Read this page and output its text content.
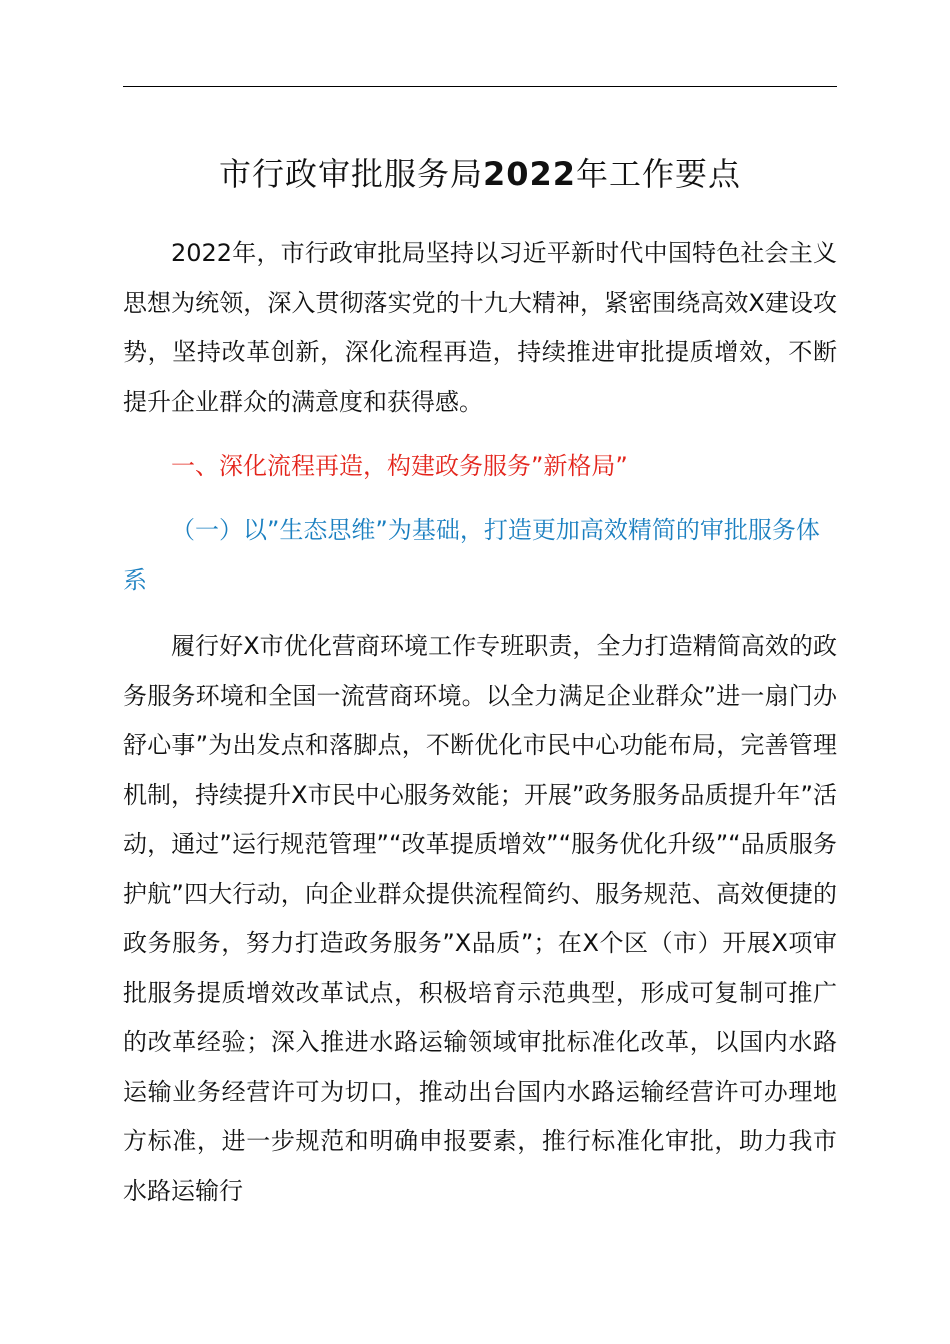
市行政审批服务局2022年工作要点

2022年，市行政审批局坚持以习近平新时代中国特色社会主义思想为统领，深入贯彻落实党的十九大精神，紧密围绕高效X建设攻势，坚持改革创新，深化流程再造，持续推进审批提质增效，不断提升企业群众的满意度和获得感。

一、深化流程再造，构建政务服务”新格局”

（一）以”生态思维”为基础，打造更加高效精简的审批服务体系

履行好X市优化营商环境工作专班职责，全力打造精简高效的政务服务环境和全国一流营商环境。以全力满足企业群众”进一扇门办舒心事”为出发点和落脚点，不断优化市民中心功能布局，完善管理机制，持续提升X市民中心服务效能；开展”政务服务品质提升年”活动，通过”运行规范管理”“改革提质增效”“服务优化升级”“品质服务护航”四大行动，向企业群众提供流程简约、服务规范、高效便捷的政务服务，努力打造政务服务”X品质”；在X个区（市）开展X项审批服务提质增效改革试点，积极培育示范典型，形成可复制可推广的改革经验；深入推进水路运输领域审批标准化改革，以国内水路运输业务经营许可为切口，推动出台国内水路运输经营许可办理地方标准，进一步规范和明确申报要素，推行标准化审批，助力我市水路运输行
